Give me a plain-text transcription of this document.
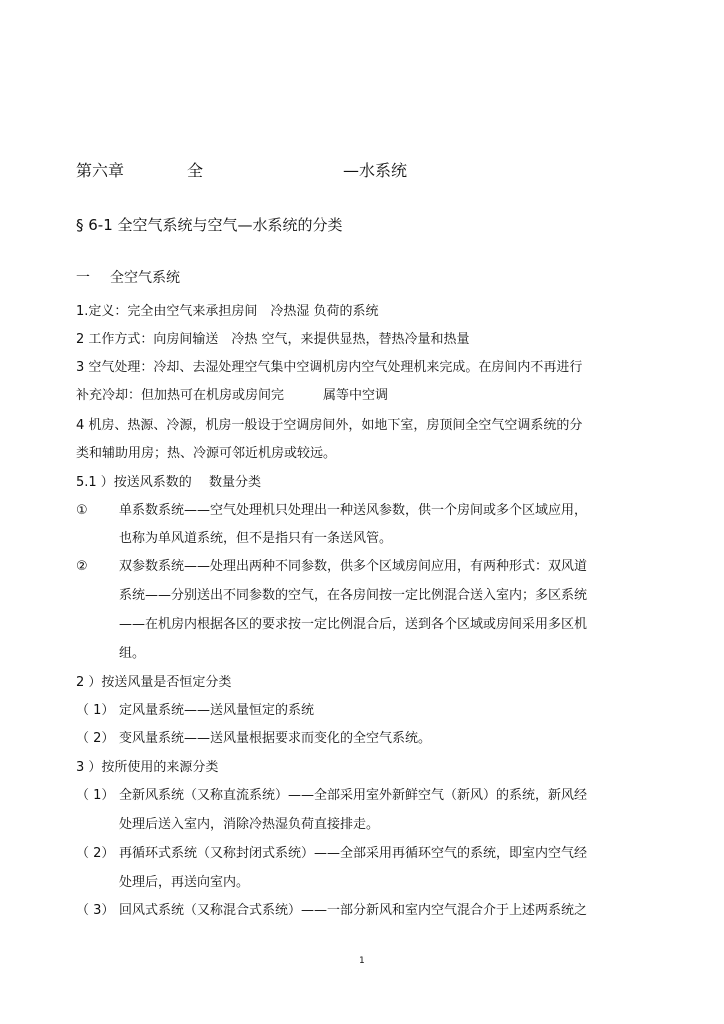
第六章	全	—水系统
§ 6-1 全空气系统与空气—水系统的分类
一 全空气系统
1.定义：完全由空气来承担房间　冷热湿 负荷的系统
2 工作方式：向房间输送　冷热 空气，来提供显热，替热冷量和热量
3 空气处理：冷却、去湿处理空气集中空调机房内空气处理机来完成。在房间内不再进行
补充冷却：但加热可在机房或房间完　　　属等中空调
4 机房、热源、冷源，机房一般设于空调房间外，如地下室，房顶间全空气空调系统的分
类和辅助用房；热、冷源可邻近机房或较远。
5.1 ）按送风系数的　 数量分类
① 单系数系统——空气处理机只处理出一种送风参数，供一个房间或多个区域应用，
也称为单风道系统，但不是指只有一条送风管。
② 双参数系统——处理出两种不同参数，供多个区域房间应用，有两种形式：双风道
系统——分别送出不同参数的空气，在各房间按一定比例混合送入室内；多区系统
——在机房内根据各区的要求按一定比例混合后，送到各个区域或房间采用多区机
组。
2 ）按送风量是否恒定分类
（ 1） 定风量系统——送风量恒定的系统
（ 2） 变风量系统——送风量根据要求而变化的全空气系统。
3 ）按所使用的来源分类
（ 1） 全新风系统（又称直流系统）——全部采用室外新鲜空气（新风）的系统，新风经
处理后送入室内，消除冷热湿负荷直接排走。
（ 2） 再循环式系统（又称封闭式系统）——全部采用再循环空气的系统，即室内空气经
处理后，再送向室内。
（ 3） 回风式系统（又称混合式系统）——一部分新风和室内空气混合介于上述两系统之
1
